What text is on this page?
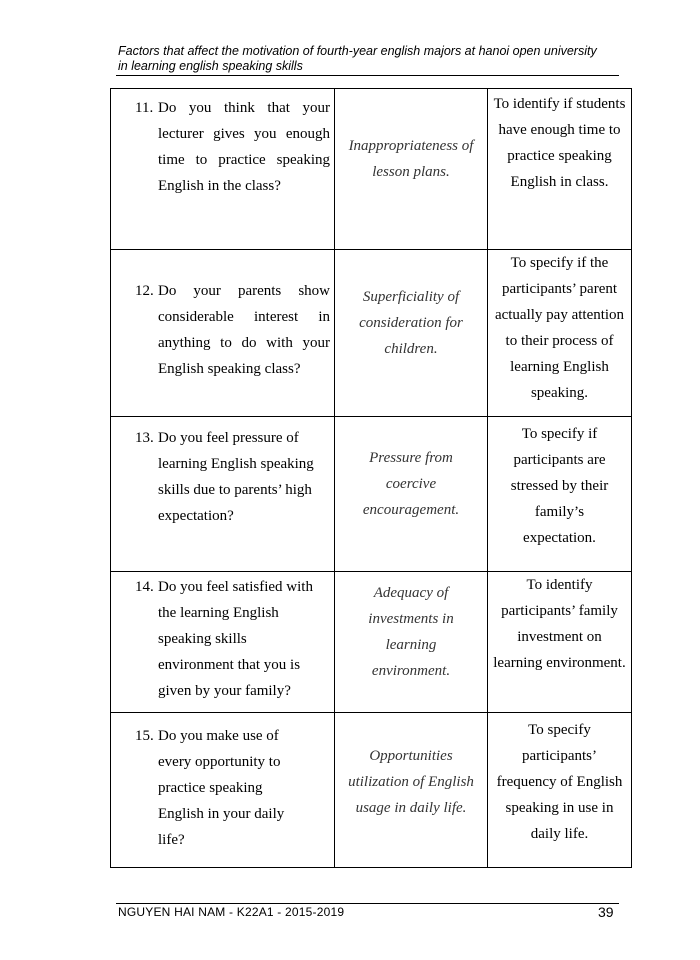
Factors that affect the motivation of fourth-year english majors at hanoi open university
in learning english speaking skills
11. Do you think that your lecturer gives you enough time to practice speaking English in the class?	Inappropriateness of lesson plans.	To identify if students have enough time to practice speaking English in class.

12. Do your parents show considerable interest in anything to do with your English speaking class?	Superficiality of consideration for children.	To specify if the participants’ parent actually pay attention to their process of learning English speaking.

13. Do you feel pressure of learning English speaking skills due to parents’ high expectation?	Pressure from coercive encouragement.	To specify if participants are stressed by their family’s expectation.

14. Do you feel satisfied with the learning English speaking skills environment that you is given by your family?	Adequacy of investments in learning environment.	To identify participants’ family investment on learning environment.

15. Do you make use of every opportunity to practice speaking English in your daily life?	Opportunities utilization of English usage in daily life.	To specify participants’ frequency of English speaking in use in daily life.
NGUYEN HAI NAM - K22A1 - 2015-2019	39
